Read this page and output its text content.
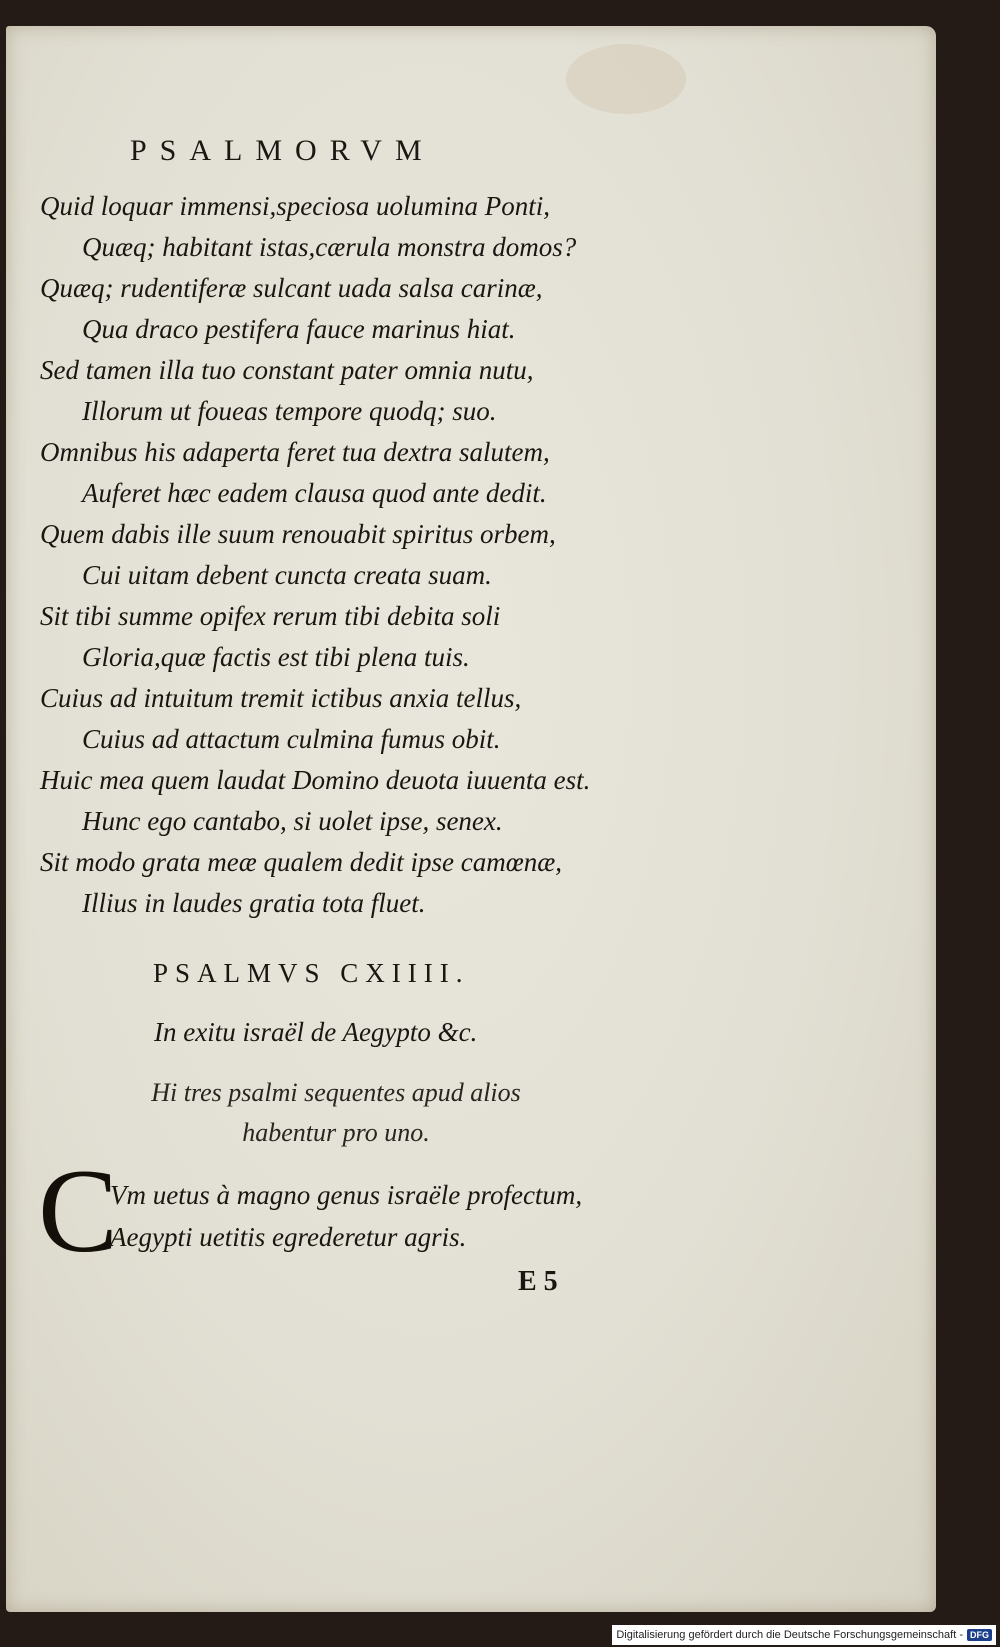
PSALMORVM
Quid loquar immensi,speciosa uolumina Ponti,
Quæq; habitant istas,cærula monstra domos?
Quæq; rudentiferæ sulcant uada salsa carinæ,
Qua draco pestifera fauce marinus hiat.
Sed tamen illa tuo constant pater omnia nutu,
Illorum ut foueas tempore quodq; suo.
Omnibus his adaperta feret tua dextra salutem,
Auferet hæc eadem clausa quod ante dedit.
Quem dabis ille suum renouabit spiritus orbem,
Cui uitam debent cuncta creata suam.
Sit tibi summe opifex rerum tibi debita soli
Gloria,quæ factis est tibi plena tuis.
Cuius ad intuitum tremit ictibus anxia tellus,
Cuius ad attactum culmina fumus obit.
Huic mea quem laudat Domino deuota iuuenta est.
Hunc ego cantabo, si uolet ipse, senex.
Sit modo grata meæ qualem dedit ipse camœnæ,
Illius in laudes gratia tota fluet.
PSALMVS CXIIII.
In exitu israël de Aegypto &c.
Hi tres psalmi sequentes apud alios
habentur pro uno.
C
Vm uetus à magno genus israële profectum,
Aegypti uetitis egrederetur agris.
E 5
Digitalisierung gefördert durch die Deutsche Forschungsgemeinschaft - DFG
